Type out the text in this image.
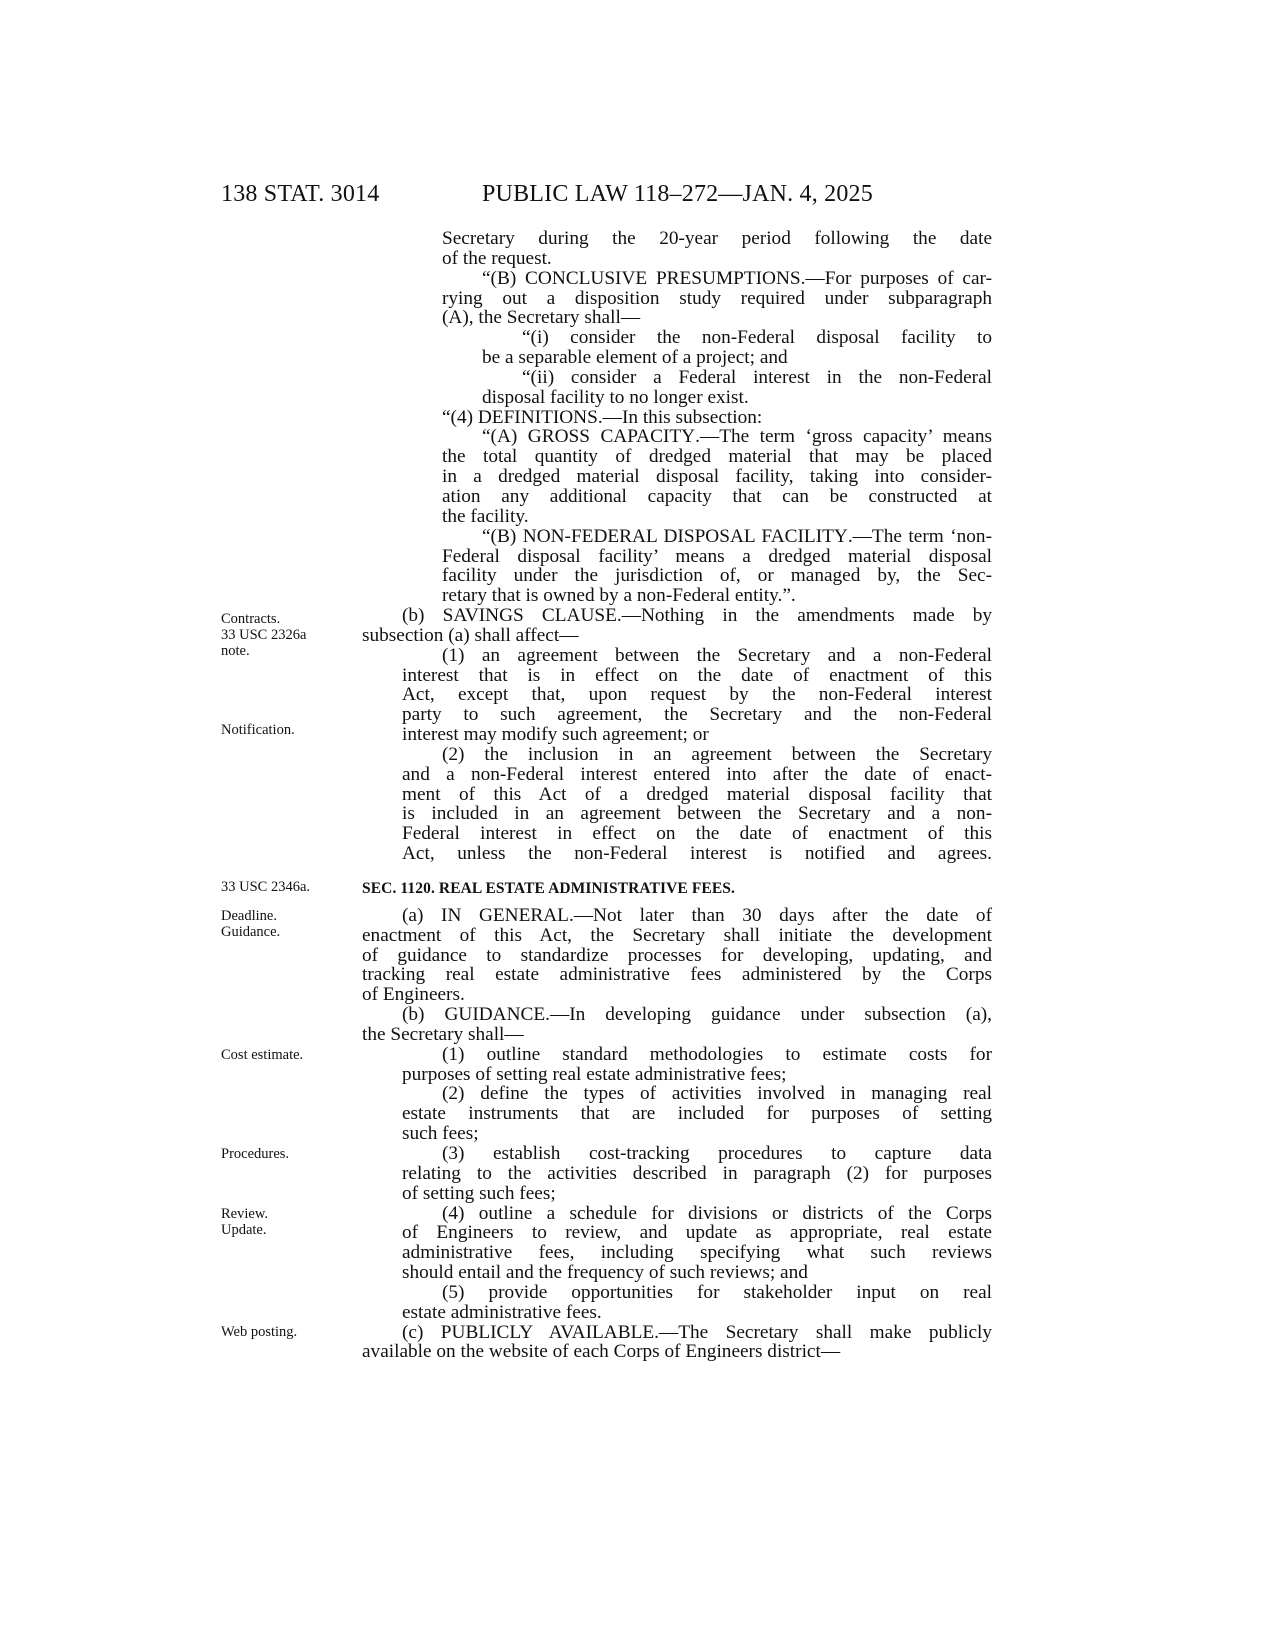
138 STAT. 3014	PUBLIC LAW 118–272—JAN. 4, 2025
Contracts.
33 USC 2326a
note.
Notification.
33 USC 2346a.
Deadline.
Guidance.
Cost estimate.
Procedures.
Review.
Update.
Web posting.
Secretary during the 20-year period following the date
of the request.
“(B) CONCLUSIVE PRESUMPTIONS.—For purposes of car-
rying out a disposition study required under subparagraph
(A), the Secretary shall—
“(i) consider the non-Federal disposal facility to
be a separable element of a project; and
“(ii) consider a Federal interest in the non-Federal
disposal facility to no longer exist.
“(4) DEFINITIONS.—In this subsection:
“(A) GROSS CAPACITY.—The term ‘gross capacity’ means
the total quantity of dredged material that may be placed
in a dredged material disposal facility, taking into consider-
ation any additional capacity that can be constructed at
the facility.
“(B) NON-FEDERAL DISPOSAL FACILITY.—The term ‘non-
Federal disposal facility’ means a dredged material disposal
facility under the jurisdiction of, or managed by, the Sec-
retary that is owned by a non-Federal entity.”.
(b) SAVINGS CLAUSE.—Nothing in the amendments made by
subsection (a) shall affect—
(1) an agreement between the Secretary and a non-Federal
interest that is in effect on the date of enactment of this
Act, except that, upon request by the non-Federal interest
party to such agreement, the Secretary and the non-Federal
interest may modify such agreement; or
(2) the inclusion in an agreement between the Secretary
and a non-Federal interest entered into after the date of enact-
ment of this Act of a dredged material disposal facility that
is included in an agreement between the Secretary and a non-
Federal interest in effect on the date of enactment of this
Act, unless the non-Federal interest is notified and agrees.
SEC. 1120. REAL ESTATE ADMINISTRATIVE FEES.
(a) IN GENERAL.—Not later than 30 days after the date of
enactment of this Act, the Secretary shall initiate the development
of guidance to standardize processes for developing, updating, and
tracking real estate administrative fees administered by the Corps
of Engineers.
(b) GUIDANCE.—In developing guidance under subsection (a),
the Secretary shall—
(1) outline standard methodologies to estimate costs for
purposes of setting real estate administrative fees;
(2) define the types of activities involved in managing real
estate instruments that are included for purposes of setting
such fees;
(3) establish cost-tracking procedures to capture data
relating to the activities described in paragraph (2) for purposes
of setting such fees;
(4) outline a schedule for divisions or districts of the Corps
of Engineers to review, and update as appropriate, real estate
administrative fees, including specifying what such reviews
should entail and the frequency of such reviews; and
(5) provide opportunities for stakeholder input on real
estate administrative fees.
(c) PUBLICLY AVAILABLE.—The Secretary shall make publicly
available on the website of each Corps of Engineers district—
